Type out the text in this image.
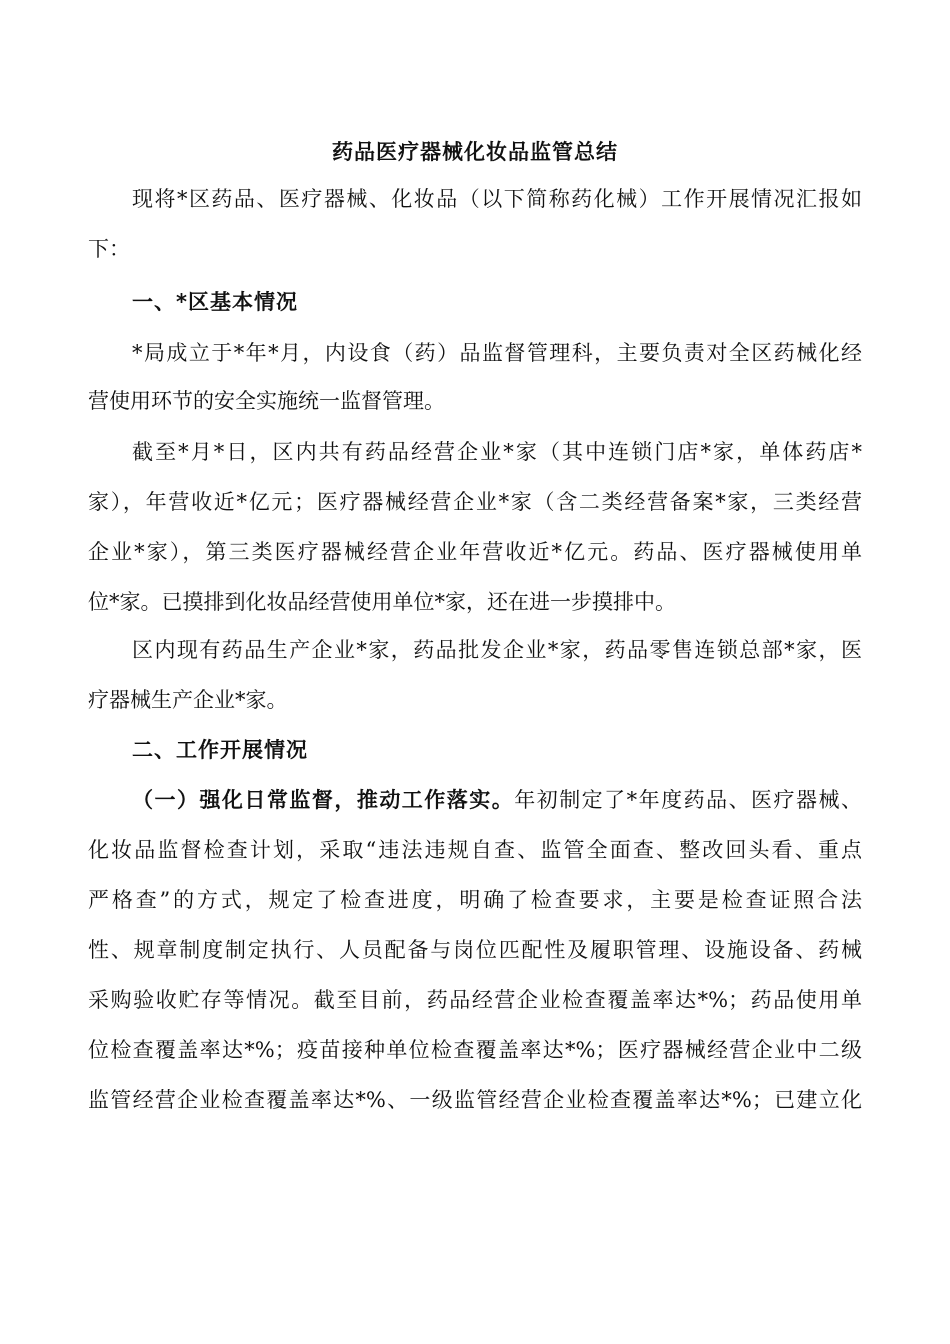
药品医疗器械化妆品监管总结
现将*区药品、医疗器械、化妆品（以下简称药化械）工作开展情况汇报如
下：
一、*区基本情况
*局成立于*年*月，内设食（药）品监督管理科，主要负责对全区药械化经
营使用环节的安全实施统一监督管理。
截至*月*日，区内共有药品经营企业*家（其中连锁门店*家，单体药店*
家），年营收近*亿元；医疗器械经营企业*家（含二类经营备案*家，三类经营
企业*家），第三类医疗器械经营企业年营收近*亿元。药品、医疗器械使用单
位*家。已摸排到化妆品经营使用单位*家，还在进一步摸排中。
区内现有药品生产企业*家，药品批发企业*家，药品零售连锁总部*家，医
疗器械生产企业*家。
二、工作开展情况
（一）强化日常监督，推动工作落实。年初制定了*年度药品、医疗器械、
化妆品监督检查计划，采取“违法违规自查、监管全面查、整改回头看、重点
严格查”的方式，规定了检查进度，明确了检查要求，主要是检查证照合法
性、规章制度制定执行、人员配备与岗位匹配性及履职管理、设施设备、药械
采购验收贮存等情况。截至目前，药品经营企业检查覆盖率达*%；药品使用单
位检查覆盖率达*%；疫苗接种单位检查覆盖率达*%；医疗器械经营企业中二级
监管经营企业检查覆盖率达*%、一级监管经营企业检查覆盖率达*%；已建立化
